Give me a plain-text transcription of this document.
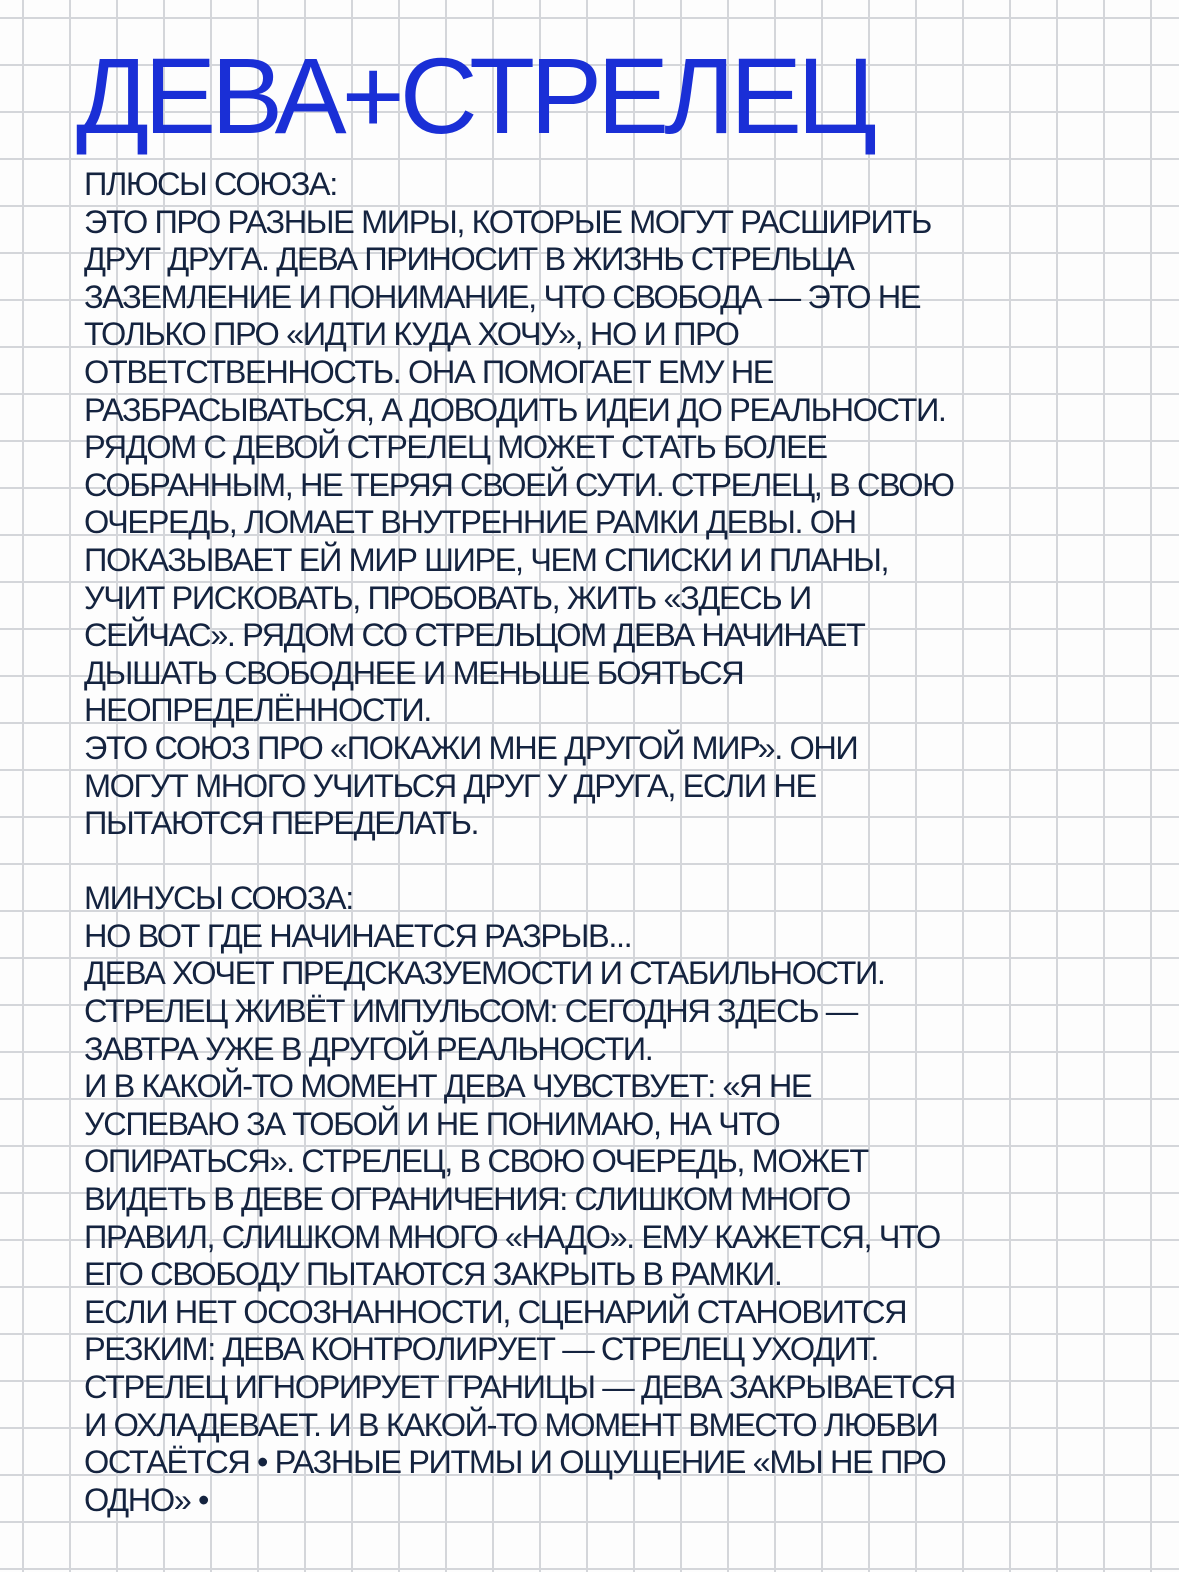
ДЕВА+СТРЕЛЕЦ
ПЛЮСЫ СОЮЗА:
ЭТО ПРО РАЗНЫЕ МИРЫ, КОТОРЫЕ МОГУТ РАСШИРИТЬ
ДРУГ ДРУГА. ДЕВА ПРИНОСИТ В ЖИЗНЬ СТРЕЛЬЦА
ЗАЗЕМЛЕНИЕ И ПОНИМАНИЕ, ЧТО СВОБОДА — ЭТО НЕ
ТОЛЬКО ПРО «ИДТИ КУДА ХОЧУ», НО И ПРО
ОТВЕТСТВЕННОСТЬ. ОНА ПОМОГАЕТ ЕМУ НЕ
РАЗБРАСЫВАТЬСЯ, А ДОВОДИТЬ ИДЕИ ДО РЕАЛЬНОСТИ.
РЯДОМ С ДЕВОЙ СТРЕЛЕЦ МОЖЕТ СТАТЬ БОЛЕЕ
СОБРАННЫМ, НЕ ТЕРЯЯ СВОЕЙ СУТИ. СТРЕЛЕЦ, В СВОЮ
ОЧЕРЕДЬ, ЛОМАЕТ ВНУТРЕННИЕ РАМКИ ДЕВЫ. ОН
ПОКАЗЫВАЕТ ЕЙ МИР ШИРЕ, ЧЕМ СПИСКИ И ПЛАНЫ,
УЧИТ РИСКОВАТЬ, ПРОБОВАТЬ, ЖИТЬ «ЗДЕСЬ И
СЕЙЧАС». РЯДОМ СО СТРЕЛЬЦОМ ДЕВА НАЧИНАЕТ
ДЫШАТЬ СВОБОДНЕЕ И МЕНЬШЕ БОЯТЬСЯ
НЕОПРЕДЕЛЁННОСТИ.
ЭТО СОЮЗ ПРО «ПОКАЖИ МНЕ ДРУГОЙ МИР». ОНИ
МОГУТ МНОГО УЧИТЬСЯ ДРУГ У ДРУГА, ЕСЛИ НЕ
ПЫТАЮТСЯ ПЕРЕДЕЛАТЬ.
МИНУСЫ СОЮЗА:
НО ВОТ ГДЕ НАЧИНАЕТСЯ РАЗРЫВ...
ДЕВА ХОЧЕТ ПРЕДСКАЗУЕМОСТИ И СТАБИЛЬНОСТИ.
СТРЕЛЕЦ ЖИВЁТ ИМПУЛЬСОМ: СЕГОДНЯ ЗДЕСЬ —
ЗАВТРА УЖЕ В ДРУГОЙ РЕАЛЬНОСТИ.
И В КАКОЙ-ТО МОМЕНТ ДЕВА ЧУВСТВУЕТ: «Я НЕ
УСПЕВАЮ ЗА ТОБОЙ И НЕ ПОНИМАЮ, НА ЧТО
ОПИРАТЬСЯ». СТРЕЛЕЦ, В СВОЮ ОЧЕРЕДЬ, МОЖЕТ
ВИДЕТЬ В ДЕВЕ ОГРАНИЧЕНИЯ: СЛИШКОМ МНОГО
ПРАВИЛ, СЛИШКОМ МНОГО «НАДО». ЕМУ КАЖЕТСЯ, ЧТО
ЕГО СВОБОДУ ПЫТАЮТСЯ ЗАКРЫТЬ В РАМКИ.
ЕСЛИ НЕТ ОСОЗНАННОСТИ, СЦЕНАРИЙ СТАНОВИТСЯ
РЕЗКИМ: ДЕВА КОНТРОЛИРУЕТ — СТРЕЛЕЦ УХОДИТ.
СТРЕЛЕЦ ИГНОРИРУЕТ ГРАНИЦЫ — ДЕВА ЗАКРЫВАЕТСЯ
И ОХЛАДЕВАЕТ. И В КАКОЙ-ТО МОМЕНТ ВМЕСТО ЛЮБВИ
ОСТАЁТСЯ • РАЗНЫЕ РИТМЫ И ОЩУЩЕНИЕ «МЫ НЕ ПРО
ОДНО» •
